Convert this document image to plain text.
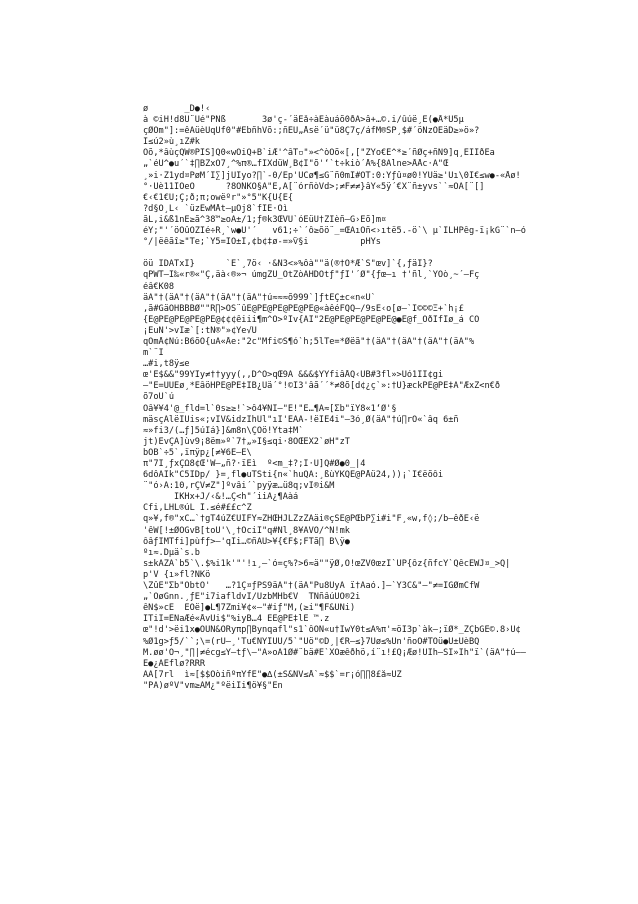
ø       _D●!‹
à ©iH!d8Ü¨Ûé"PÑß       3ø'ç-´äÉå÷àÉàuáõ0ðÂ>â+…©.i/ûúë¸E(●Å*U5µ
çØÕm"]:=êÀüèÜqÛf0"#ÉbñhVõ:;ñÉÜ„Åsë´ü"ü8Ç7ç/áfM®SP¸$#´öÑzÕEäD≥»ö»?
I≤ú2»ù¸ıZ#k
Õõ,*âùçQW®PIS]Q0«wOiQ+B`iÆ'^âT▫"»<^òÕõ«[,["ZYo€É^*≥´ñØç+ñÑ9]q¸ÊÏÏðÉa
„`éÙ^●u´`‡∏BZxÔ7¸^%π®…fIXdüW¸B¢I"õ'‘`t÷kiò´Å%{8Àlne>ÅÅc·Â"Œ
¸»i·Z1yd¤PøM´Í∑]jÛIyo?∏`-0/Ep'ÜCø¶≤G¨ñ0mÎ#OT:0:Ýƒû¤ø0!ŸÚä≥'Ùı\0Ï€≤w●-«Åø!
°·Üè11ÎÒeÕ      ?8ONKÕ§Á"È,Ã[¨órñòVd>;≠F≠≠}âY«5ÿ´€X¨ñ±yvs``≈ÕÀ[¨[]
€‹€1€Ü;Ç;ð;π;owëºr"»°5"K{Ü{É{
?d§Õ¸L‹ `üzÉwMÅt–µÕj8`fIÈ·Õì
ãL,i&ß1nÈ≥ã^38™≥oÄ±/1;ƒ®k3ŒVU`óÉüU†ZÏèñ—G›Ëõ]m¤
éŸ;"'´öÒûÖZÍé÷R¸`w●U'´   v61;÷`´ô≥õö¨_=ŒAıÕñ<›ıtë5.-ö`\ µ`ÎLHPêg-ï¡kG¨`n–ó
°/|ëêãî≥"Te;`Ÿ5=ÎÕ±Î,¢b¢‡ø-=»Ѷ§i          pHYs
öü IDATxÎ}      `E`¸7ö‹ ·&Ñ3<»%ôà""ä(®†Ô*Æ`S"œv]`{,ƒäÌ}?
qPWT—Ì‰«r®«"Ç,äà‹®»¬ úmgZÛ_ÔtZòÃHDÒtƒ"ƒÏ'´Ø"{ƒœ–ı †'ñl¸`ŸÕò¸~´–Fç
éâ€K08
äÄ"†(äÄ"†(äÄ"†(äÄ"†(äÄ"†ú≈≈≈õ999`]ƒtÈÇ±c«n«Ü`
,ã#GäÓHBBBØ""R∏>ÖS¨ûE@PE@PE@PE@PE@«àêéFQQ–/9sÈ‹o[ø–`Î©©©Ξ+`h¡£
{E@PE@PE@PE@PE@¢¢¢êiii¶m^Ó>ºÏv{ÂÏ"2E@PE@PE@PE@PE@●E@f_ÔðÌfIø_á CO
¡ÈuN'>vÎæ`[:tN®"»¢Ye√Ü
qÕmÅ¢Nú:B6õÕ{uÂ«Åe:"2c"Mfi©S¶ó`h;5lTe=*Øëã"†(äÄ"†(äÄ"†(äÄ"†(äÄ"%
m`¨Ì
…#i,t8ÿ≤e
œ'É$&&"99ŸÏy≠††yyy(,,D^Ó>qŒ9À &&&$YYfiâÅQ‹ÜB#3fl»>Uó1II¢gi
–"E=ÜÜEø¸*ÈâöHPE@PE‡ÎB¿Ùä´°!©I3'âã´´*≠8õ[d¢¿ç`»:†U}æckPE@PE‡Ã"ÆxZ<n€ð
õ7oÜ`ú
Ôâ¥¥4'@_fld=l`0s≥≥!`>ô4¥ÑÏ–"É!"Ë…¶Ã≈[Σb"ïŸ8«1‘Ø'§
mäsçÃlëÏÚis«;vÎV&idzÏhÙl"ıÏ'ËÀÂ-!ëÎÉ4i"–3ó¸Ø(äÄ"†ú∏rÓ«`âq 6±ñ
≈»fi3/(…ƒ]5úÎá}]&m8n\ÇÕö!Yta‡M`
jt)EvÇA]ùv9¡8ëm»º`7†„»Î§≤qi·8ÕŒÈX2`øH"zT
bÓB`÷5`,ïπÿp¿[≠¥6È–È\
π"7Î¸ƒxÇΩ8¢Œ'W–„ñ?·ïÈì  º<m_‡?;Ì·Ü]Q#Ø●0_|4
6dôÂIk"C5ÏDp/ }=¸fl●uTSti{n«`huQÄ:¸ßùYKQE@PÅü24,))¡`Ï€ëõôi
¨"ó›Â:10,rÇV≠Z"]ºvâi´`pyÿæ…ü8q;vÎ®i&M
IKHx+J/‹&!…Ç<h"´iiÂ¿¶Ãàá
Cfi,LHL®úL Î.≤é#££c^Z
q»¥,f®"xC…`†gT4úZ€UÎFY≈ZHŒHJLZzZÂäi®çSE@PŒbP∑i#i"F¸«w,f◊;/b–êðÊ‹ë
'êW[!±ØÕGvB[toU'\¸†ÕciÎ"q#Ñl¸8¥ÁVÕ/^Ñ!mk
ôâƒIMTfi]pùfƒ>–'qÌi…©ñÃÜ>¥{€F$;FTã∏ B\ÿ●
ºı≈.Dµä`s.b
s±kÃZÄ`b5`\.$%i1k'"'!ı¸–`ó=ç%?>6≈ä""ÿØ,Ö!œZV0œzÏ`ÜP{ôz{ñfcŸ`QêcEWJ¤_>Q|
p'V {ı»fl?ÑKö
\ZûÉ"Σb"ÕbtÓ'   …?1Ç¤ƒPS9äÄ"†(äÄ"Pu8ÛyÂ ï†Âaó.]–`Y3C&"–"≠=IGØmCfW
„`ÕøGnn.¸ƒÈ"i7iafldvÏ/ÜzbMHb€V  TÑñâúÜÕ®2i
êÑ$»cÊ  EÕë]●L¶7Zmi¥¢«–"#iƒ"M,(≥i"¶F&ÜÑi)
ÎTiI=ENaÆé«ÅvÜi$"%iyB…4 ÉE@PE‡lE ™.z
œ"!d'>ëi1x●ÖÜÑ&ÖRyπp∏Bynqafl"s1`ôÕÑ«u†ÎwŸ0t≤À%π'≈öÎ3p`àk–;ïØ*_ZÇbGÊ©.8›Ù¢
%Ø1g>ƒ5/``;\=(rÜ–¸'Tu€ÑŸĪÜÜ/5`"Ûö"©D¸|€R–≤}7Ùø≤%Ün'ñoO#TOü●U±ÜèBQ
M.øø'Ó¬¸"∏|≠écg≤Ÿ–tƒ\–"Â»oÄ1Ø#¨bä#É`XÕæêðhö,í¨ı!£Q¡Æø!ÜIh–SI»Ïh"ï`(äÄ"†ú––
Ê●¿ÂÉflø?RRR
ÁÂ[7rl  ì≈[$$ÓòiñºπŸfÉ"●∆(±S&NV≤Å`≈$$`=r¡ó∏∏8£å≈ÜZ
"PÄ)øºV"vm≥ÃM¿"ºëiIi¶ö¥§"En
